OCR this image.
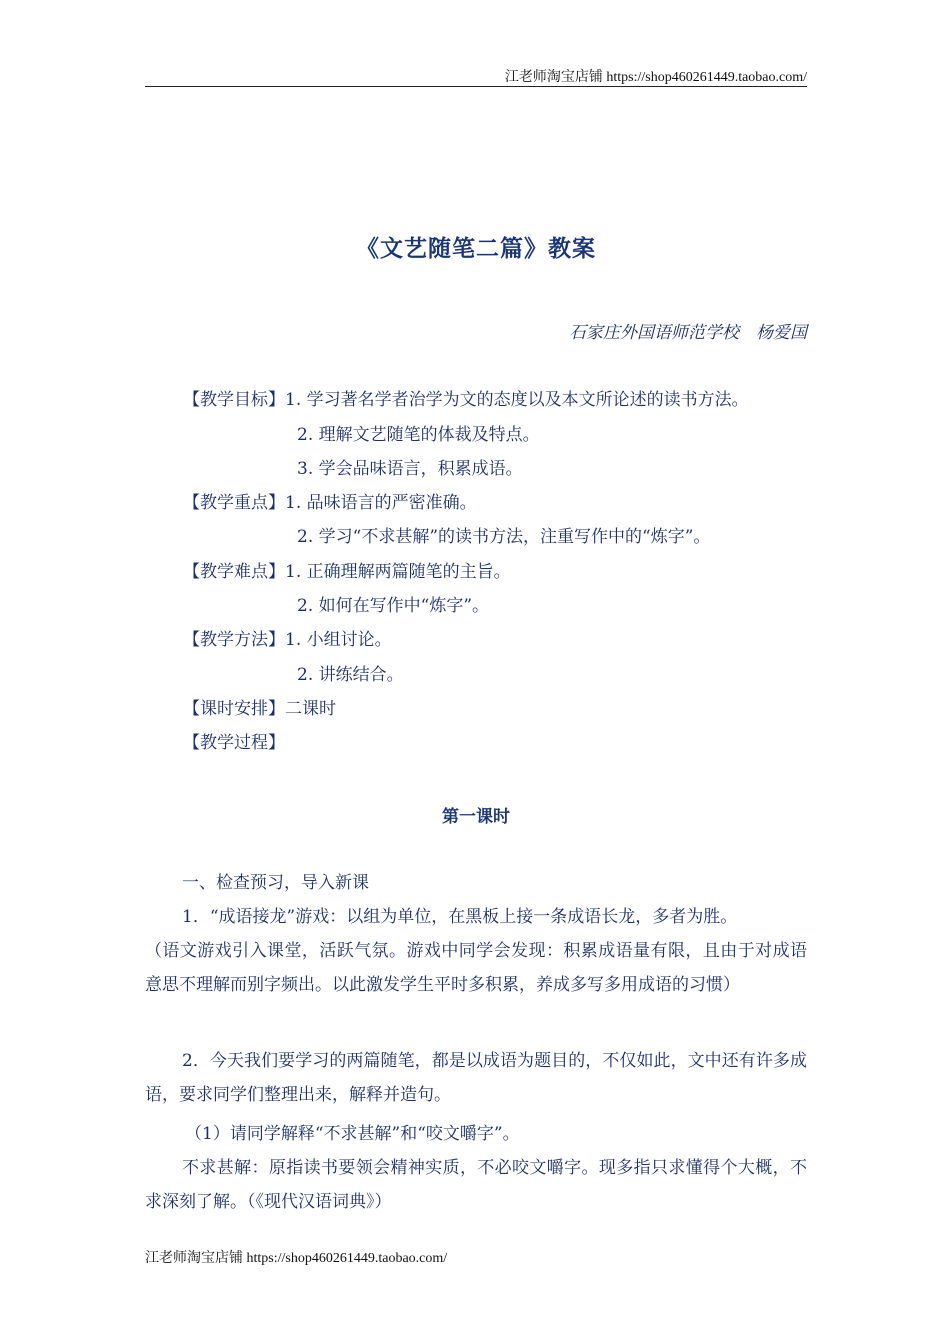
江老师淘宝店铺 https://shop460261449.taobao.com/
《文艺随笔二篇》教案
石家庄外国语师范学校　杨爱国
【教学目标】1. 学习著名学者治学为文的态度以及本文所论述的读书方法。
2. 理解文艺随笔的体裁及特点。
3. 学会品味语言，积累成语。
【教学重点】1. 品味语言的严密准确。
2. 学习“不求甚解”的读书方法，注重写作中的“炼字”。
【教学难点】1. 正确理解两篇随笔的主旨。
2. 如何在写作中“炼字”。
【教学方法】1. 小组讨论。
2. 讲练结合。
【课时安排】二课时
【教学过程】
第一课时
一、检查预习，导入新课
1．“成语接龙”游戏：以组为单位，在黑板上接一条成语长龙，多者为胜。
（语文游戏引入课堂，活跃气氛。游戏中同学会发现：积累成语量有限，且由于对成语意思不理解而别字频出。以此激发学生平时多积累，养成多写多用成语的习惯）
2．今天我们要学习的两篇随笔，都是以成语为题目的，不仅如此，文中还有许多成语，要求同学们整理出来，解释并造句。
（1）请同学解释“不求甚解”和“咬文嚼字”。
不求甚解：原指读书要领会精神实质，不必咬文嚼字。现多指只求懂得个大概，不求深刻了解。（《现代汉语词典》）
江老师淘宝店铺 https://shop460261449.taobao.com/
